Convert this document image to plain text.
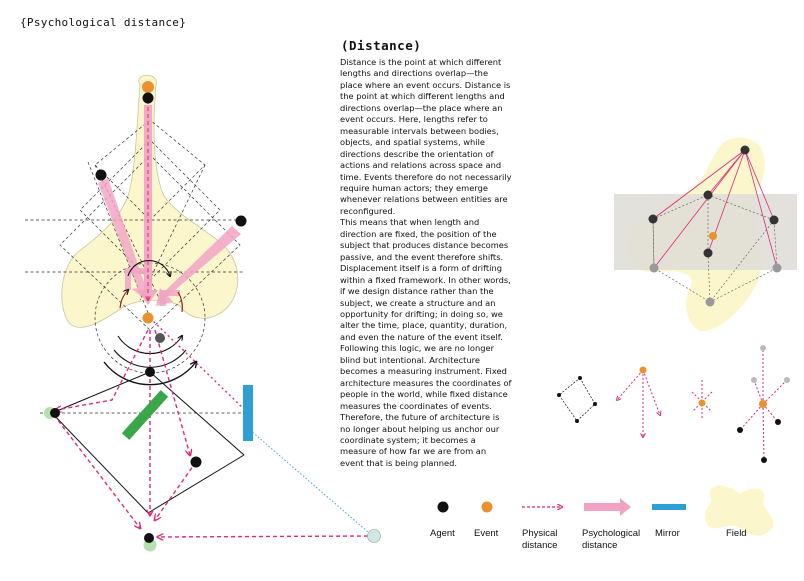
{Psychological distance}
(Distance)

Distance is the point at which different lengths and directions overlap—the place where an event occurs. Distance is the point at which different lengths and directions overlap—the place where an event occurs. Here, lengths refer to measurable intervals between bodies, objects, and spatial systems, while directions describe the orientation of actions and relations across space and time. Events therefore do not necessarily require human actors; they emerge whenever relations between entities are reconfigured.

This means that when length and direction are fixed, the position of the subject that produces distance becomes passive, and the event therefore shifts. Displacement itself is a form of drifting within a fixed framework. In other words, if we design distance rather than the subject, we create a structure and an opportunity for drifting; in doing so, we alter the time, place, quantity, duration, and even the nature of the event itself.

Following this logic, we are no longer blind but intentional. Architecture becomes a measuring instrument. Fixed architecture measures the coordinates of people in the world, while fixed distance measures the coordinates of events.

Therefore, the future of architecture is no longer about helping us anchor our coordinate system; it becomes a measure of how far we are from an event that is being planned.

Agent Event Physical distance
Psychological distance
Mirror	Field
